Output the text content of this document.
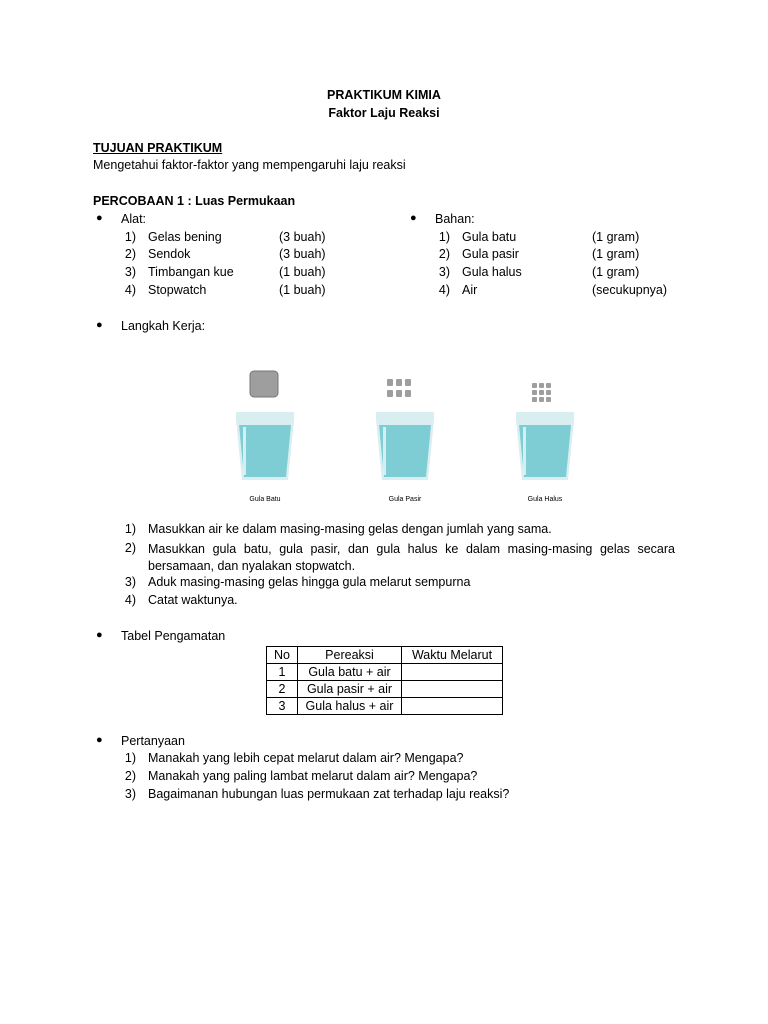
PRAKTIKUM KIMIA
Faktor Laju Reaksi
TUJUAN PRAKTIKUM
Mengetahui faktor-faktor yang mempengaruhi laju reaksi
PERCOBAAN 1 : Luas Permukaan
● Alat:
1) Gelas bening	(3 buah)
2) Sendok	(3 buah)
3) Timbangan kue	(1 buah)
4) Stopwatch	(1 buah)
● Bahan:
1) Gula batu	(1 gram)
2) Gula pasir	(1 gram)
3) Gula halus	(1 gram)
4) Air	(secukupnya)
● Langkah Kerja:
Gula Batu	Gula Pasir	Gula Halus
1) Masukkan air ke dalam masing-masing gelas dengan jumlah yang sama.
2) Masukkan gula batu, gula pasir, dan gula halus ke dalam masing-masing gelas secara bersamaan, dan nyalakan stopwatch.
3) Aduk masing-masing gelas hingga gula melarut sempurna
4) Catat waktunya.
● Tabel Pengamatan
No	Pereaksi	Waktu Melarut
1	Gula batu + air	
2	Gula pasir + air	
3	Gula halus + air	
● Pertanyaan
1) Manakah yang lebih cepat melarut dalam air? Mengapa?
2) Manakah yang paling lambat melarut dalam air? Mengapa?
3) Bagaimanan hubungan luas permukaan zat terhadap laju reaksi?
